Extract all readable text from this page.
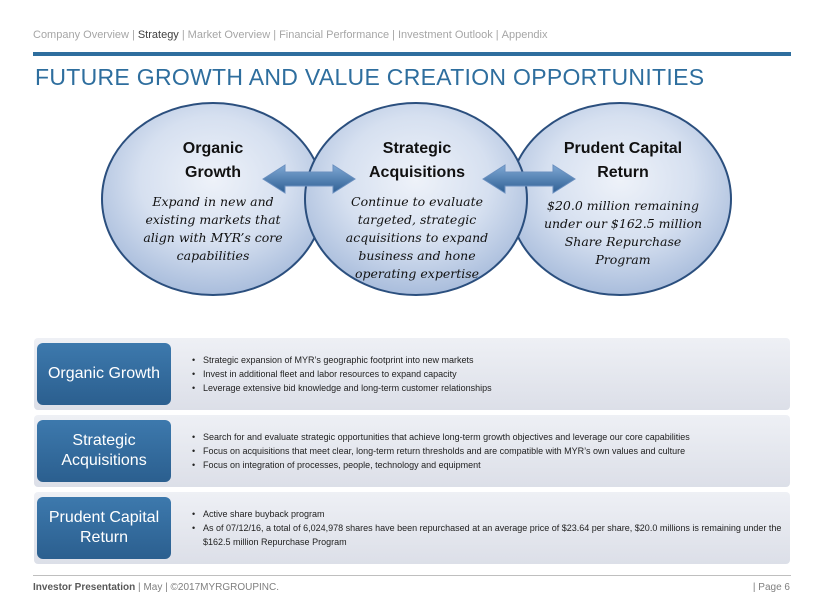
Company Overview | Strategy | Market Overview | Financial Performance | Investment Outlook | Appendix
FUTURE GROWTH AND VALUE CREATION OPPORTUNITIES
Organic Growth
Expand in new and existing markets that align with MYR’s core capabilities
Strategic Acquisitions
Continue to evaluate targeted, strategic acquisitions to expand business and hone operating expertise
Prudent Capital Return
$20.0 million remaining under our $162.5 million Share Repurchase Program
Organic Growth
• Strategic expansion of MYR’s geographic footprint into new markets
• Invest in additional fleet and labor resources to expand capacity
• Leverage extensive bid knowledge and long-term customer relationships
Strategic Acquisitions
• Search for and evaluate strategic opportunities that achieve long-term growth objectives and leverage our core capabilities
• Focus on acquisitions that meet clear, long-term return thresholds and are compatible with MYR’s own values and culture
• Focus on integration of processes, people, technology and equipment
Prudent Capital Return
• Active share buyback program
• As of 07/12/16, a total of 6,024,978 shares have been repurchased at an average price of $23.64 per share, $20.0 millions is remaining under the $162.5 million Repurchase Program
Investor Presentation | May | ©2017MYRGROUPINC.	| Page 6
